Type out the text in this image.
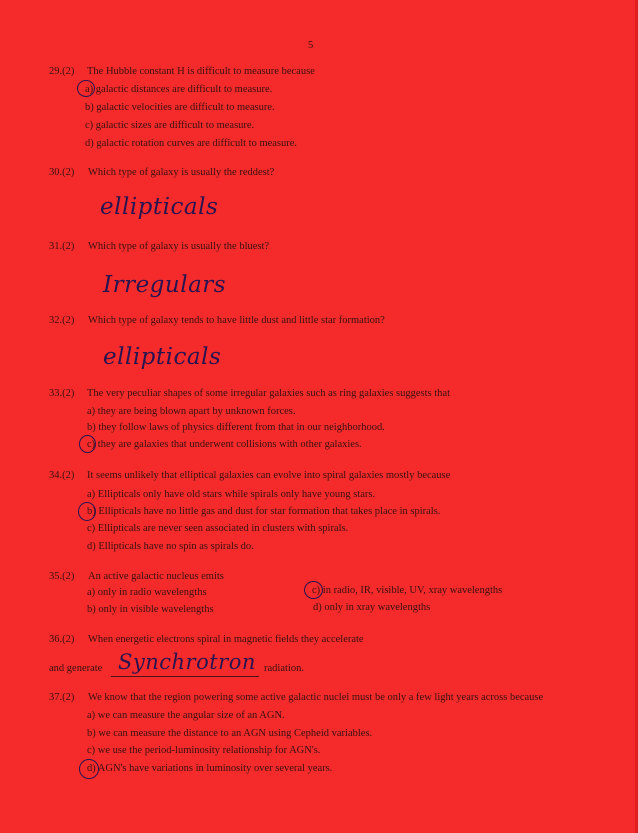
5
29.(2) The Hubble constant H is difficult to measure because
a) galactic distances are difficult to measure.
b) galactic velocities are difficult to measure.
c) galactic sizes are difficult to measure.
d) galactic rotation curves are difficult to measure.
30.(2) Which type of galaxy is usually the reddest?
ellipticals
31.(2) Which type of galaxy is usually the bluest?
Irregulars
32.(2) Which type of galaxy tends to have little dust and little star formation?
ellipticals
33.(2) The very peculiar shapes of some irregular galaxies such as ring galaxies suggests that
a) they are being blown apart by unknown forces.
b) they follow laws of physics different from that in our neighborhood.
c) they are galaxies that underwent collisions with other galaxies.
34.(2) It seems unlikely that elliptical galaxies can evolve into spiral galaxies mostly because
a) Ellipticals only have old stars while spirals only have young stars.
b) Ellipticals have no little gas and dust for star formation that takes place in spirals.
c) Ellipticals are never seen associated in clusters with spirals.
d) Ellipticals have no spin as spirals do.
35.(2) An active galactic nucleus emits
a) only in radio wavelengths
b) only in visible wavelengths
c) in radio, IR, visible, UV, xray wavelengths
d) only in xray wavelengths
36.(2) When energetic electrons spiral in magnetic fields they accelerate
and generate Synchrotron radiation.
37.(2) We know that the region powering some active galactic nuclei must be only a few light years across because
a) we can measure the angular size of an AGN.
b) we can measure the distance to an AGN using Cepheid variables.
c) we use the period-luminosity relationship for AGN's.
d) AGN's have variations in luminosity over several years.
